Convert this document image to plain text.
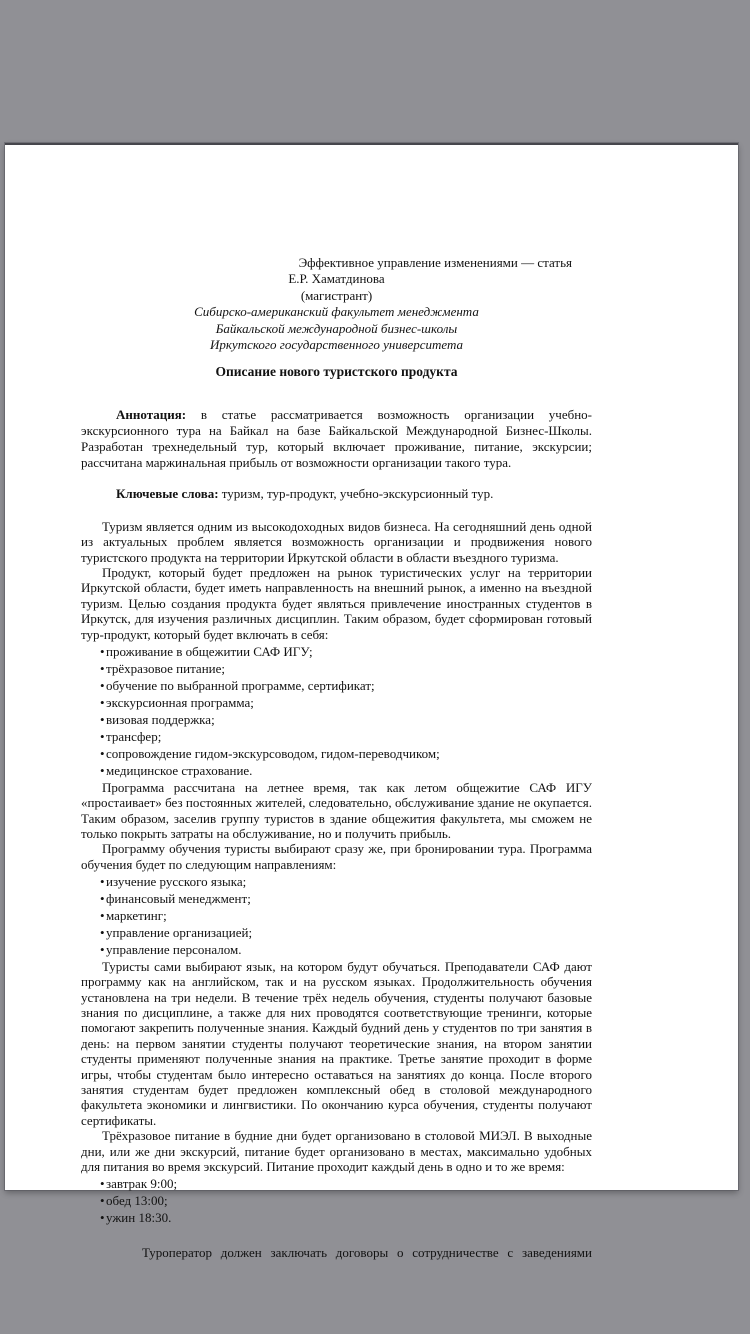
Эффективное управление изменениями — статья
Е.Р. Хаматдинова
(магистрант)
Сибирско-американский факультет менеджмента
Байкальской международной бизнес-школы
Иркутского государственного университета
Описание нового туристского продукта

Аннотация: в статье рассматривается возможность организации учебно-экскурсионного тура на Байкал на базе Байкальской Международной Бизнес-Школы. Разработан трехнедельный тур, который включает проживание, питание, экскурсии; рассчитана маржинальная прибыль от возможности организации такого тура.

Ключевые слова: туризм, тур-продукт, учебно-экскурсионный тур.

Туризм является одним из высокодоходных видов бизнеса. На сегодняшний день одной из актуальных проблем является возможность организации и продвижения нового туристского продукта на территории Иркутской области в области въездного туризма.

Продукт, который будет предложен на рынок туристических услуг на территории Иркутской области, будет иметь направленность на внешний рынок, а именно на въездной туризм. Целью создания продукта будет являться привлечение иностранных студентов в Иркутск, для изучения различных дисциплин. Таким образом, будет сформирован готовый тур-продукт, который будет включать в себя:

• проживание в общежитии САФ ИГУ;
• трёхразовое питание;
• обучение по выбранной программе, сертификат;
• экскурсионная программа;
• визовая поддержка;
• трансфер;
• сопровождение гидом-экскурсоводом, гидом-переводчиком;
• медицинское страхование.

Программа рассчитана на летнее время, так как летом общежитие САФ ИГУ «простаивает» без постоянных жителей, следовательно, обслуживание здание не окупается. Таким образом, заселив группу туристов в здание общежития факультета, мы сможем не только покрыть затраты на обслуживание, но и получить прибыль.

Программу обучения туристы выбирают сразу же, при бронировании тура. Программа обучения будет по следующим направлениям:

• изучение русского языка;
• финансовый менеджмент;
• маркетинг;
• управление организацией;
• управление персоналом.

Туристы сами выбирают язык, на котором будут обучаться. Преподаватели САФ дают программу как на английском, так и на русском языках. Продолжительность обучения установлена на три недели. В течение трёх недель обучения, студенты получают базовые знания по дисциплине, а также для них проводятся соответствующие тренинги, которые помогают закрепить полученные знания. Каждый будний день у студентов по три занятия в день: на первом занятии студенты получают теоретические знания, на втором занятии студенты применяют полученные знания на практике. Третье занятие проходит в форме игры, чтобы студентам было интересно оставаться на занятиях до конца. После второго занятия студентам будет предложен комплексный обед в столовой международного факультета экономики и лингвистики. По окончанию курса обучения, студенты получают сертификаты.

Трёхразовое питание в будние дни будет организовано в столовой МИЭЛ. В выходные дни, или же дни экскурсий, питание будет организовано в местах, максимально удобных для питания во время экскурсий. Питание проходит каждый день в одно и то же время:

• завтрак 9:00;
• обед 13:00;
• ужин 18:30.

Туроператор должен заключать договоры о сотрудничестве с заведениями
